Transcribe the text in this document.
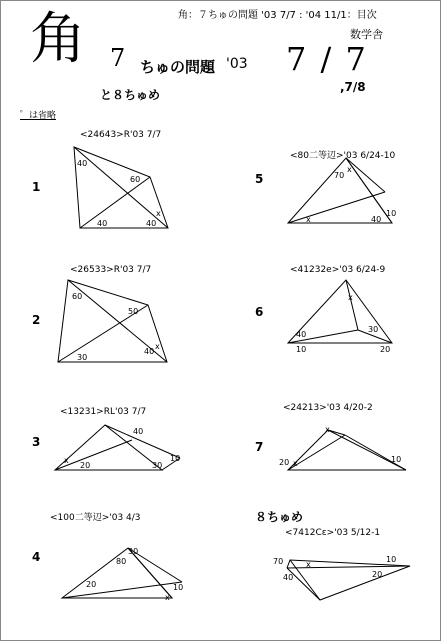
角：７ちゅの問題 '03 7/7 : '04 11/1：目次
角	数学舎
7 ちゅの問題 '03 7 / 7
,7/8
と８ちゅめ
゜は省略
1
<24643>R'03 7/7
2
<26533>R'03 7/7
3
<13231>RL'03 7/7
4
<100二等辺>'03 4/3
5
<80二等辺>'03 6/24-10
6
<41232e>'03 6/24-9
7
<24213>'03 4/20-2
８ちゅめ
<7412Cε>'03 5/12-1
40
60
40	40
x
60
50
30
40
x
40
x
20	30
10
30
80
20	10
x
70
x
40
10
x
x
40
30
10	20
x
20 x	10
10
70	x
40	20
